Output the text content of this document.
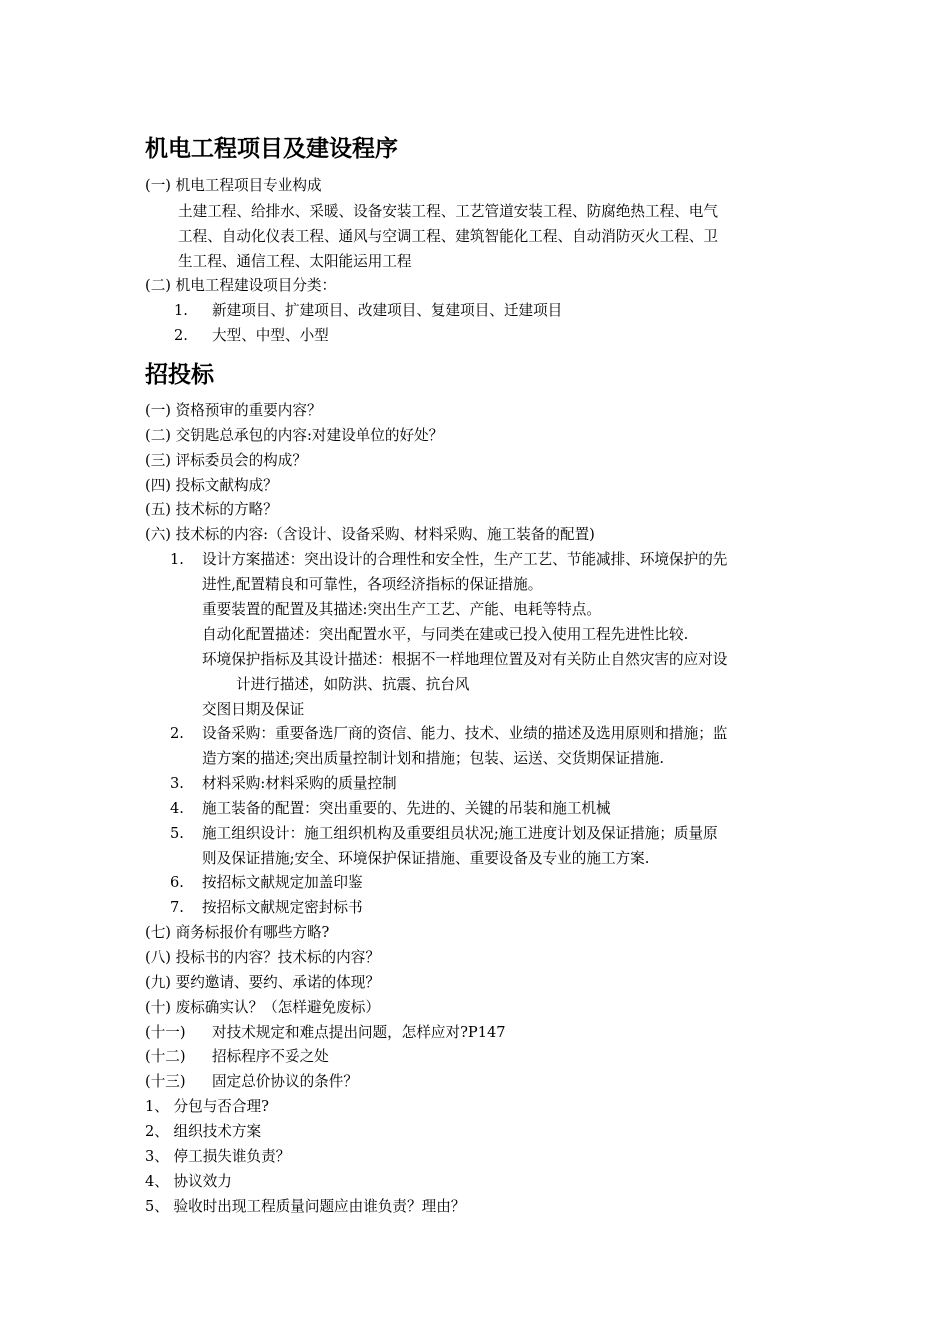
机电工程项目及建设程序
(一) 机电工程项目专业构成
土建工程、给排水、采暖、设备安装工程、工艺管道安装工程、防腐绝热工程、电气
工程、自动化仪表工程、通风与空调工程、建筑智能化工程、自动消防灭火工程、卫
生工程、通信工程、太阳能运用工程
(二) 机电工程建设项目分类：
1. 新建项目、扩建项目、改建项目、复建项目、迁建项目
2. 大型、中型、小型
招投标
(一) 资格预审的重要内容？
(二) 交钥匙总承包的内容:对建设单位的好处？
(三) 评标委员会的构成？
(四) 投标文献构成？
(五) 技术标的方略？
(六) 技术标的内容:（含设计、设备采购、材料采购、施工装备的配置)
1. 设计方案描述：突出设计的合理性和安全性，生产工艺、节能减排、环境保护的先
进性,配置精良和可靠性，各项经济指标的保证措施。
重要装置的配置及其描述:突出生产工艺、产能、电耗等特点。
自动化配置描述：突出配置水平，与同类在建或已投入使用工程先进性比较.
环境保护指标及其设计描述：根据不一样地理位置及对有关防止自然灾害的应对设
计进行描述，如防洪、抗震、抗台风
交图日期及保证
2. 设备采购：重要备选厂商的资信、能力、技术、业绩的描述及选用原则和措施；监
造方案的描述;突出质量控制计划和措施；包装、运送、交货期保证措施.
3. 材料采购:材料采购的质量控制
4. 施工装备的配置：突出重要的、先进的、关键的吊装和施工机械
5. 施工组织设计：施工组织机构及重要组员状况;施工进度计划及保证措施；质量原
则及保证措施;安全、环境保护保证措施、重要设备及专业的施工方案.
6. 按招标文献规定加盖印鉴
7. 按招标文献规定密封标书
(七) 商务标报价有哪些方略?
(八) 投标书的内容？技术标的内容？
(九) 要约邀请、要约、承诺的体现？
(十) 废标确实认？（怎样避免废标）
(十一) 对技术规定和难点提出问题，怎样应对?P147
(十二) 招标程序不妥之处
(十三) 固定总价协议的条件？
1、 分包与否合理?
2、 组织技术方案
3、 停工损失谁负责？
4、 协议效力
5、 验收时出现工程质量问题应由谁负责？理由？
